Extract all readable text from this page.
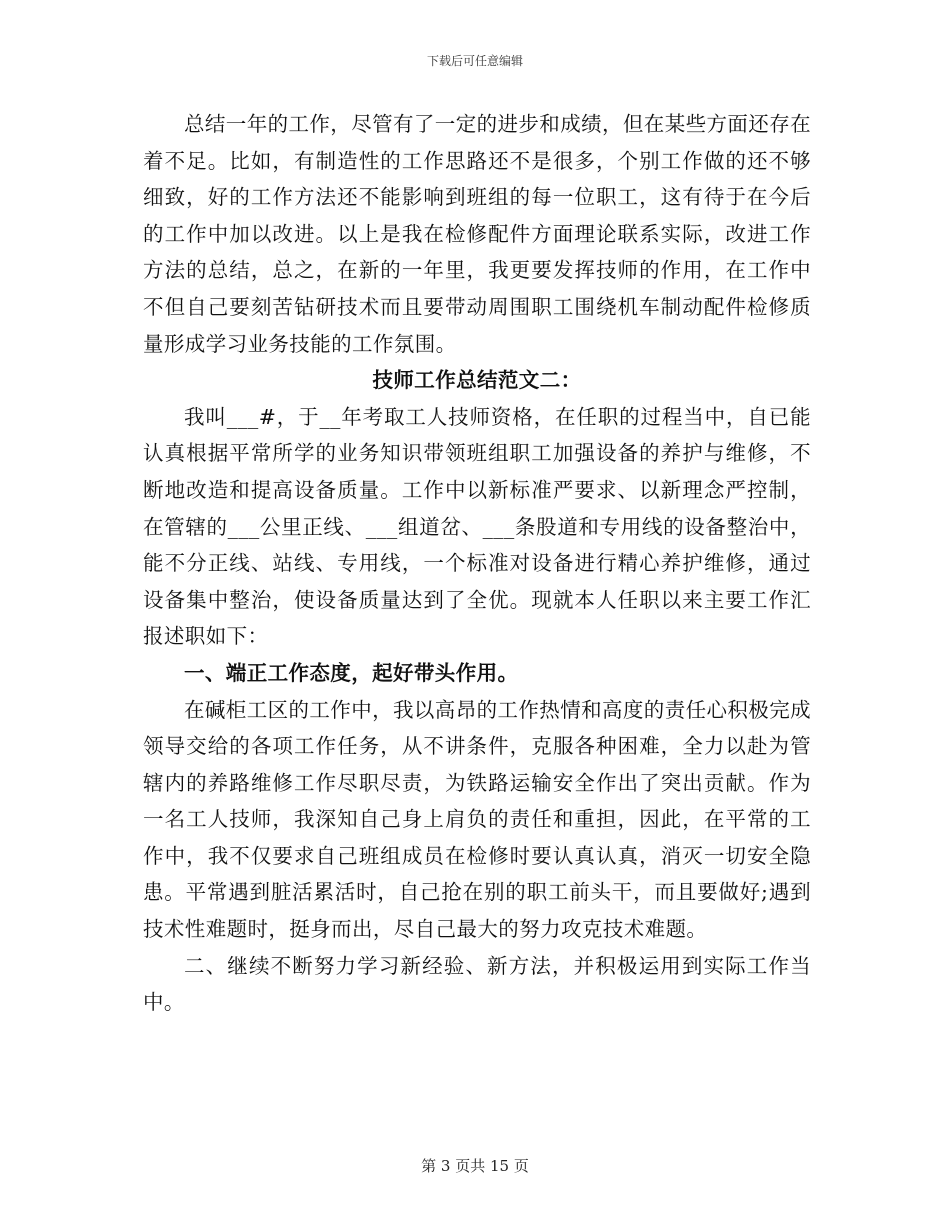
下载后可任意编辑

总结一年的工作，尽管有了一定的进步和成绩，但在某些方面还存在着不足。比如，有制造性的工作思路还不是很多，个别工作做的还不够细致，好的工作方法还不能影响到班组的每一位职工，这有待于在今后的工作中加以改进。以上是我在检修配件方面理论联系实际，改进工作方法的总结，总之，在新的一年里，我更要发挥技师的作用，在工作中不但自己要刻苦钻研技术而且要带动周围职工围绕机车制动配件检修质量形成学习业务技能的工作氛围。

技师工作总结范文二：

我叫___#，于__年考取工人技师资格，在任职的过程当中，自已能认真根据平常所学的业务知识带领班组职工加强设备的养护与维修，不断地改造和提高设备质量。工作中以新标准严要求、以新理念严控制，在管辖的___公里正线、___组道岔、___条股道和专用线的设备整治中，能不分正线、站线、专用线，一个标准对设备进行精心养护维修，通过设备集中整治，使设备质量达到了全优。现就本人任职以来主要工作汇报述职如下：

一、端正工作态度，起好带头作用。

在碱柜工区的工作中，我以高昂的工作热情和高度的责任心积极完成领导交给的各项工作任务，从不讲条件，克服各种困难，全力以赴为管辖内的养路维修工作尽职尽责，为铁路运输安全作出了突出贡献。作为一名工人技师，我深知自己身上肩负的责任和重担，因此，在平常的工作中，我不仅要求自己班组成员在检修时要认真认真，消灭一切安全隐患。平常遇到脏活累活时，自己抢在别的职工前头干，而且要做好;遇到技术性难题时，挺身而出，尽自己最大的努力攻克技术难题。

二、继续不断努力学习新经验、新方法，并积极运用到实际工作当中。

第 3 页共 15 页
